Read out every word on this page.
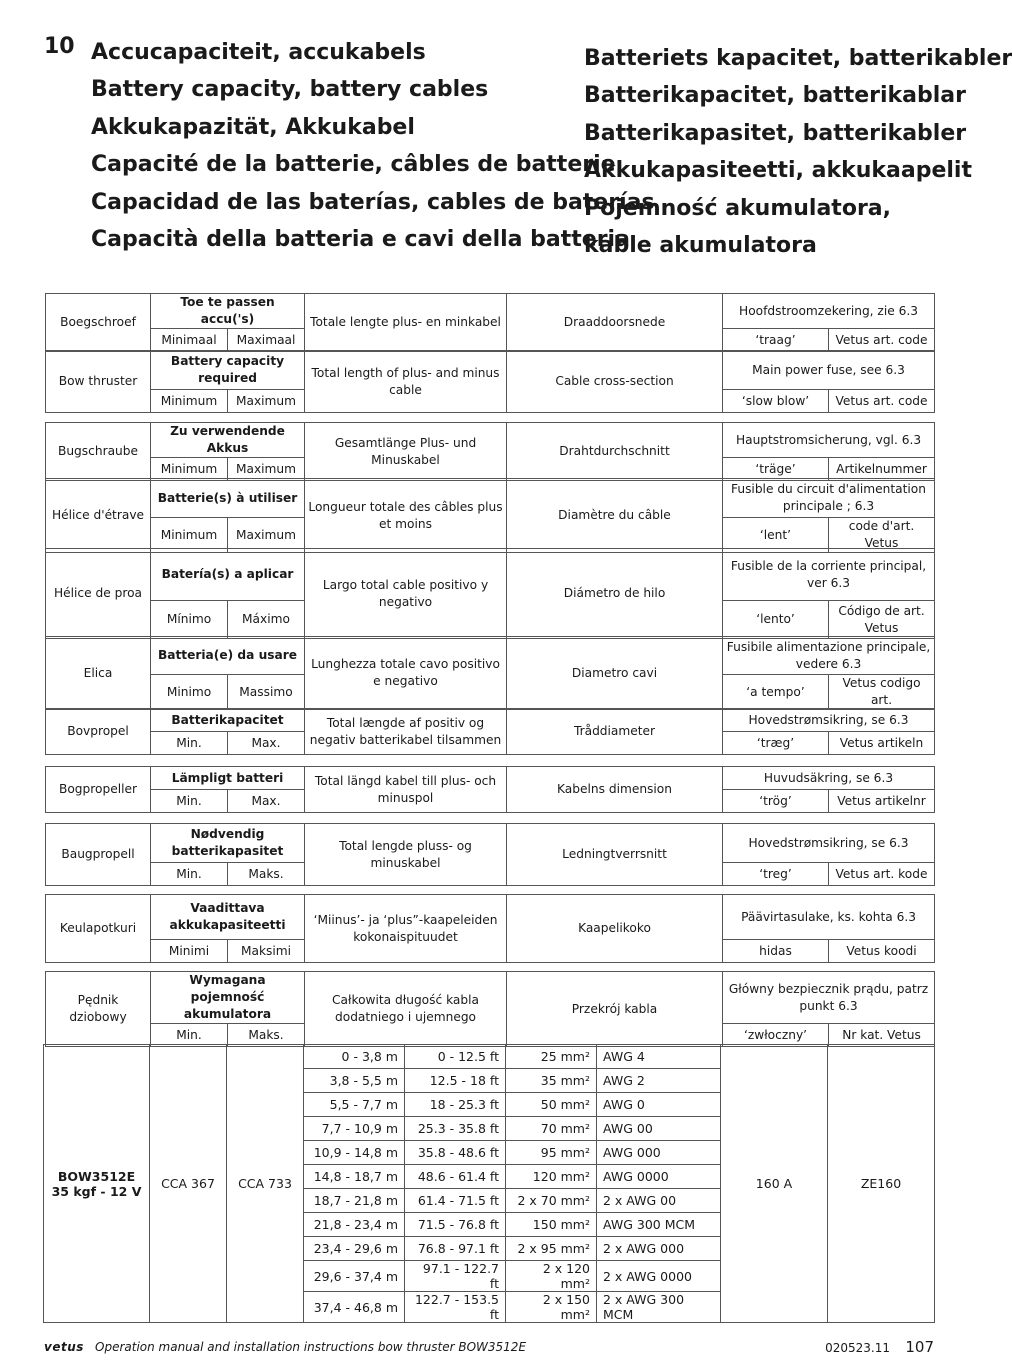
10 Accucapaciteit, accukabels
Battery capacity, battery cables
Akkukapazität, Akkukabel
Capacité de la batterie, câbles de batterie
Capacidad de las baterías, cables de baterías
Capacità della batteria e cavi della batteria
Batteriets kapacitet, batterikabler
Batterikapacitet, batterikablar
Batterikapasitet, batterikabler
Akkukapasiteetti, akkukaapelit
Pojemność akumulatora,
kable akumulatora
Boegschroef	Toe te passen accu('s)		Totale lengte plus- en minkabel	Draaddoorsnede	Hoofdstroomzekering, zie 6.3	
	Minimaal	Maximaal			‘traag’	Vetus art. code
Bow thruster	Battery capacity required		Total length of plus- and minus cable	Cable cross-section	Main power fuse, see 6.3	
	Minimum	Maximum			‘slow blow’	Vetus art. code
Bugschraube	Zu verwendende Akkus		Gesamtlänge Plus- und Minuskabel	Drahtdurchschnitt	Hauptstromsicherung, vgl. 6.3	
	Minimum	Maximum			‘träge’	Artikelnummer
Hélice d'étrave	Batterie(s) à utiliser		Longueur totale des câbles plus et moins	Diamètre du câble	Fusible du circuit d'alimentation principale ; 6.3	
	Minimum	Maximum			‘lent’	code d'art. Vetus
Hélice de proa	Batería(s) a aplicar		Largo total cable positivo y negativo	Diámetro de hilo	Fusible de la corriente principal, ver 6.3	
	Mínimo	Máximo			‘lento’	Código de art. Vetus
Elica	Batteria(e) da usare		Lunghezza totale cavo positivo e negativo	Diametro cavi	Fusibile alimentazione principale, vedere 6.3	
	Minimo	Massimo			‘a tempo’	Vetus codigo art.
Bovpropel	Batterikapacitet		Total længde af positiv og negativ batterikabel tilsammen	Tråddiameter	Hovedstrømsikring, se 6.3	
	Min.	Max.			‘træg’	Vetus artikeln
Bogpropeller	Lämpligt batteri		Total längd kabel till plus- och minuspol	Kabelns dimension	Huvudsäkring, se 6.3	
	Min.	Max.			‘trög’	Vetus artikelnr
Baugpropell	Nødvendig batterikapasitet		Total lengde pluss- og minuskabel	Ledningtverrsnitt	Hovedstrømsikring, se 6.3	
	Min.	Maks.			‘treg’	Vetus art. kode
Keulapotkuri	Vaadittava akkukapasiteetti		‘Miinus’- ja ‘plus”-kaapeleiden kokonaispituudet	Kaapelikoko	Päävirtasulake, ks. kohta 6.3	
	Minimi	Maksimi			hidas	Vetus koodi
Pędnik dziobowy	Wymagana pojemność akumulatora		Całkowita długość kabla dodatniego i ujemnego	Przekrój kabla	Główny bezpiecznik prądu, patrz punkt 6.3	
	Min.	Maks.			‘zwłoczny’	Nr kat. Vetus
BOW3512E
35 kgf - 12 V	CCA 367	CCA 733	0 - 3,8 m	0 - 12.5 ft	25 mm²	AWG 4	160 A	ZE160
			3,8 - 5,5 m	12.5 - 18 ft	35 mm²	AWG 2		
			5,5 - 7,7 m	18 - 25.3 ft	50 mm²	AWG 0		
			7,7 - 10,9 m	25.3 - 35.8 ft	70 mm²	AWG 00		
			10,9 - 14,8 m	35.8 - 48.6 ft	95 mm²	AWG 000		
			14,8 - 18,7 m	48.6 - 61.4 ft	120 mm²	AWG 0000		
			18,7 - 21,8 m	61.4 - 71.5 ft	2 x 70 mm²	2 x AWG 00		
			21,8 - 23,4 m	71.5 - 76.8 ft	150 mm²	AWG 300 MCM		
			23,4 - 29,6 m	76.8 - 97.1 ft	2 x 95 mm²	2 x AWG 000		
			29,6 - 37,4 m	97.1 - 122.7 ft	2 x 120 mm²	2 x AWG 0000		
			37,4 - 46,8 m	122.7 - 153.5 ft	2 x 150 mm²	2 x AWG 300 MCM		
vetus Operation manual and installation instructions bow thruster BOW3512E	020523.11 107
